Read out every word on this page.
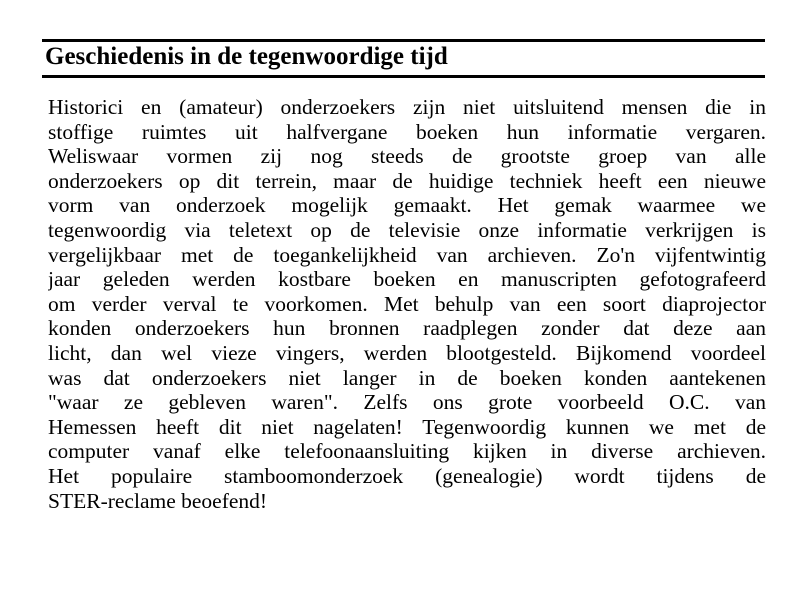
Geschiedenis in de tegenwoordige tijd
Historici en (amateur) onderzoekers zijn niet uitsluitend mensen die in
stoffige ruimtes uit halfvergane boeken hun informatie vergaren.
Weliswaar vormen zij nog steeds de grootste groep van alle
onderzoekers op dit terrein, maar de huidige techniek heeft een nieuwe
vorm van onderzoek mogelijk gemaakt. Het gemak waarmee we
tegenwoordig via teletext op de televisie onze informatie verkrijgen is
vergelijkbaar met de toegankelijkheid van archieven. Zo'n vijfentwintig
jaar geleden werden kostbare boeken en manuscripten gefotografeerd
om verder verval te voorkomen. Met behulp van een soort diaprojector
konden onderzoekers hun bronnen raadplegen zonder dat deze aan
licht, dan wel vieze vingers, werden blootgesteld. Bijkomend voordeel
was dat onderzoekers niet langer in de boeken konden aantekenen
"waar ze gebleven waren". Zelfs ons grote voorbeeld O.C. van
Hemessen heeft dit niet nagelaten! Tegenwoordig kunnen we met de
computer vanaf elke telefoonaansluiting kijken in diverse archieven.
Het populaire stamboomonderzoek (genealogie) wordt tijdens de
STER-reclame beoefend!
